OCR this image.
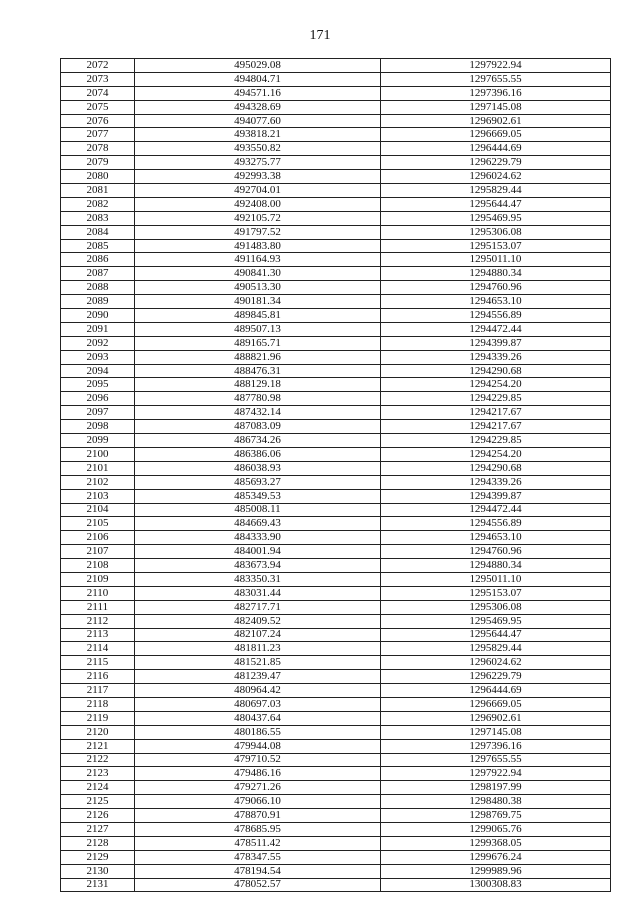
171
2072	495029.08	1297922.94
2073	494804.71	1297655.55
2074	494571.16	1297396.16
2075	494328.69	1297145.08
2076	494077.60	1296902.61
2077	493818.21	1296669.05
2078	493550.82	1296444.69
2079	493275.77	1296229.79
2080	492993.38	1296024.62
2081	492704.01	1295829.44
2082	492408.00	1295644.47
2083	492105.72	1295469.95
2084	491797.52	1295306.08
2085	491483.80	1295153.07
2086	491164.93	1295011.10
2087	490841.30	1294880.34
2088	490513.30	1294760.96
2089	490181.34	1294653.10
2090	489845.81	1294556.89
2091	489507.13	1294472.44
2092	489165.71	1294399.87
2093	488821.96	1294339.26
2094	488476.31	1294290.68
2095	488129.18	1294254.20
2096	487780.98	1294229.85
2097	487432.14	1294217.67
2098	487083.09	1294217.67
2099	486734.26	1294229.85
2100	486386.06	1294254.20
2101	486038.93	1294290.68
2102	485693.27	1294339.26
2103	485349.53	1294399.87
2104	485008.11	1294472.44
2105	484669.43	1294556.89
2106	484333.90	1294653.10
2107	484001.94	1294760.96
2108	483673.94	1294880.34
2109	483350.31	1295011.10
2110	483031.44	1295153.07
2111	482717.71	1295306.08
2112	482409.52	1295469.95
2113	482107.24	1295644.47
2114	481811.23	1295829.44
2115	481521.85	1296024.62
2116	481239.47	1296229.79
2117	480964.42	1296444.69
2118	480697.03	1296669.05
2119	480437.64	1296902.61
2120	480186.55	1297145.08
2121	479944.08	1297396.16
2122	479710.52	1297655.55
2123	479486.16	1297922.94
2124	479271.26	1298197.99
2125	479066.10	1298480.38
2126	478870.91	1298769.75
2127	478685.95	1299065.76
2128	478511.42	1299368.05
2129	478347.55	1299676.24
2130	478194.54	1299989.96
2131	478052.57	1300308.83
